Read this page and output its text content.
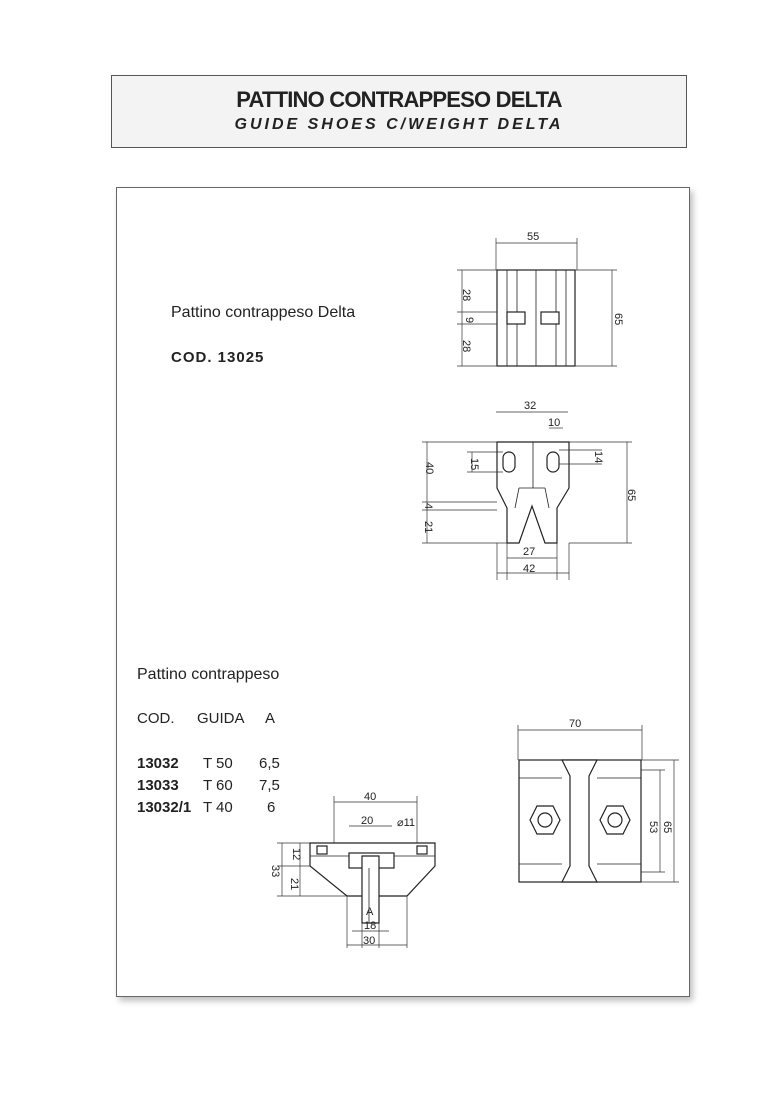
PATTINO CONTRAPPESO DELTA
GUIDE SHOES C/WEIGHT DELTA
Pattino contrappeso Delta
COD. 13025
Pattino contrappeso
COD. GUIDA A
13032 T 50 6,5
13033 T 60 7,5
13032/1 T 40 6
55
28
9
28
65
32
10
40
4
21
15
65
14
27
42
40
20 ⌀11
12
33
21
A
18
30
70
53 65
